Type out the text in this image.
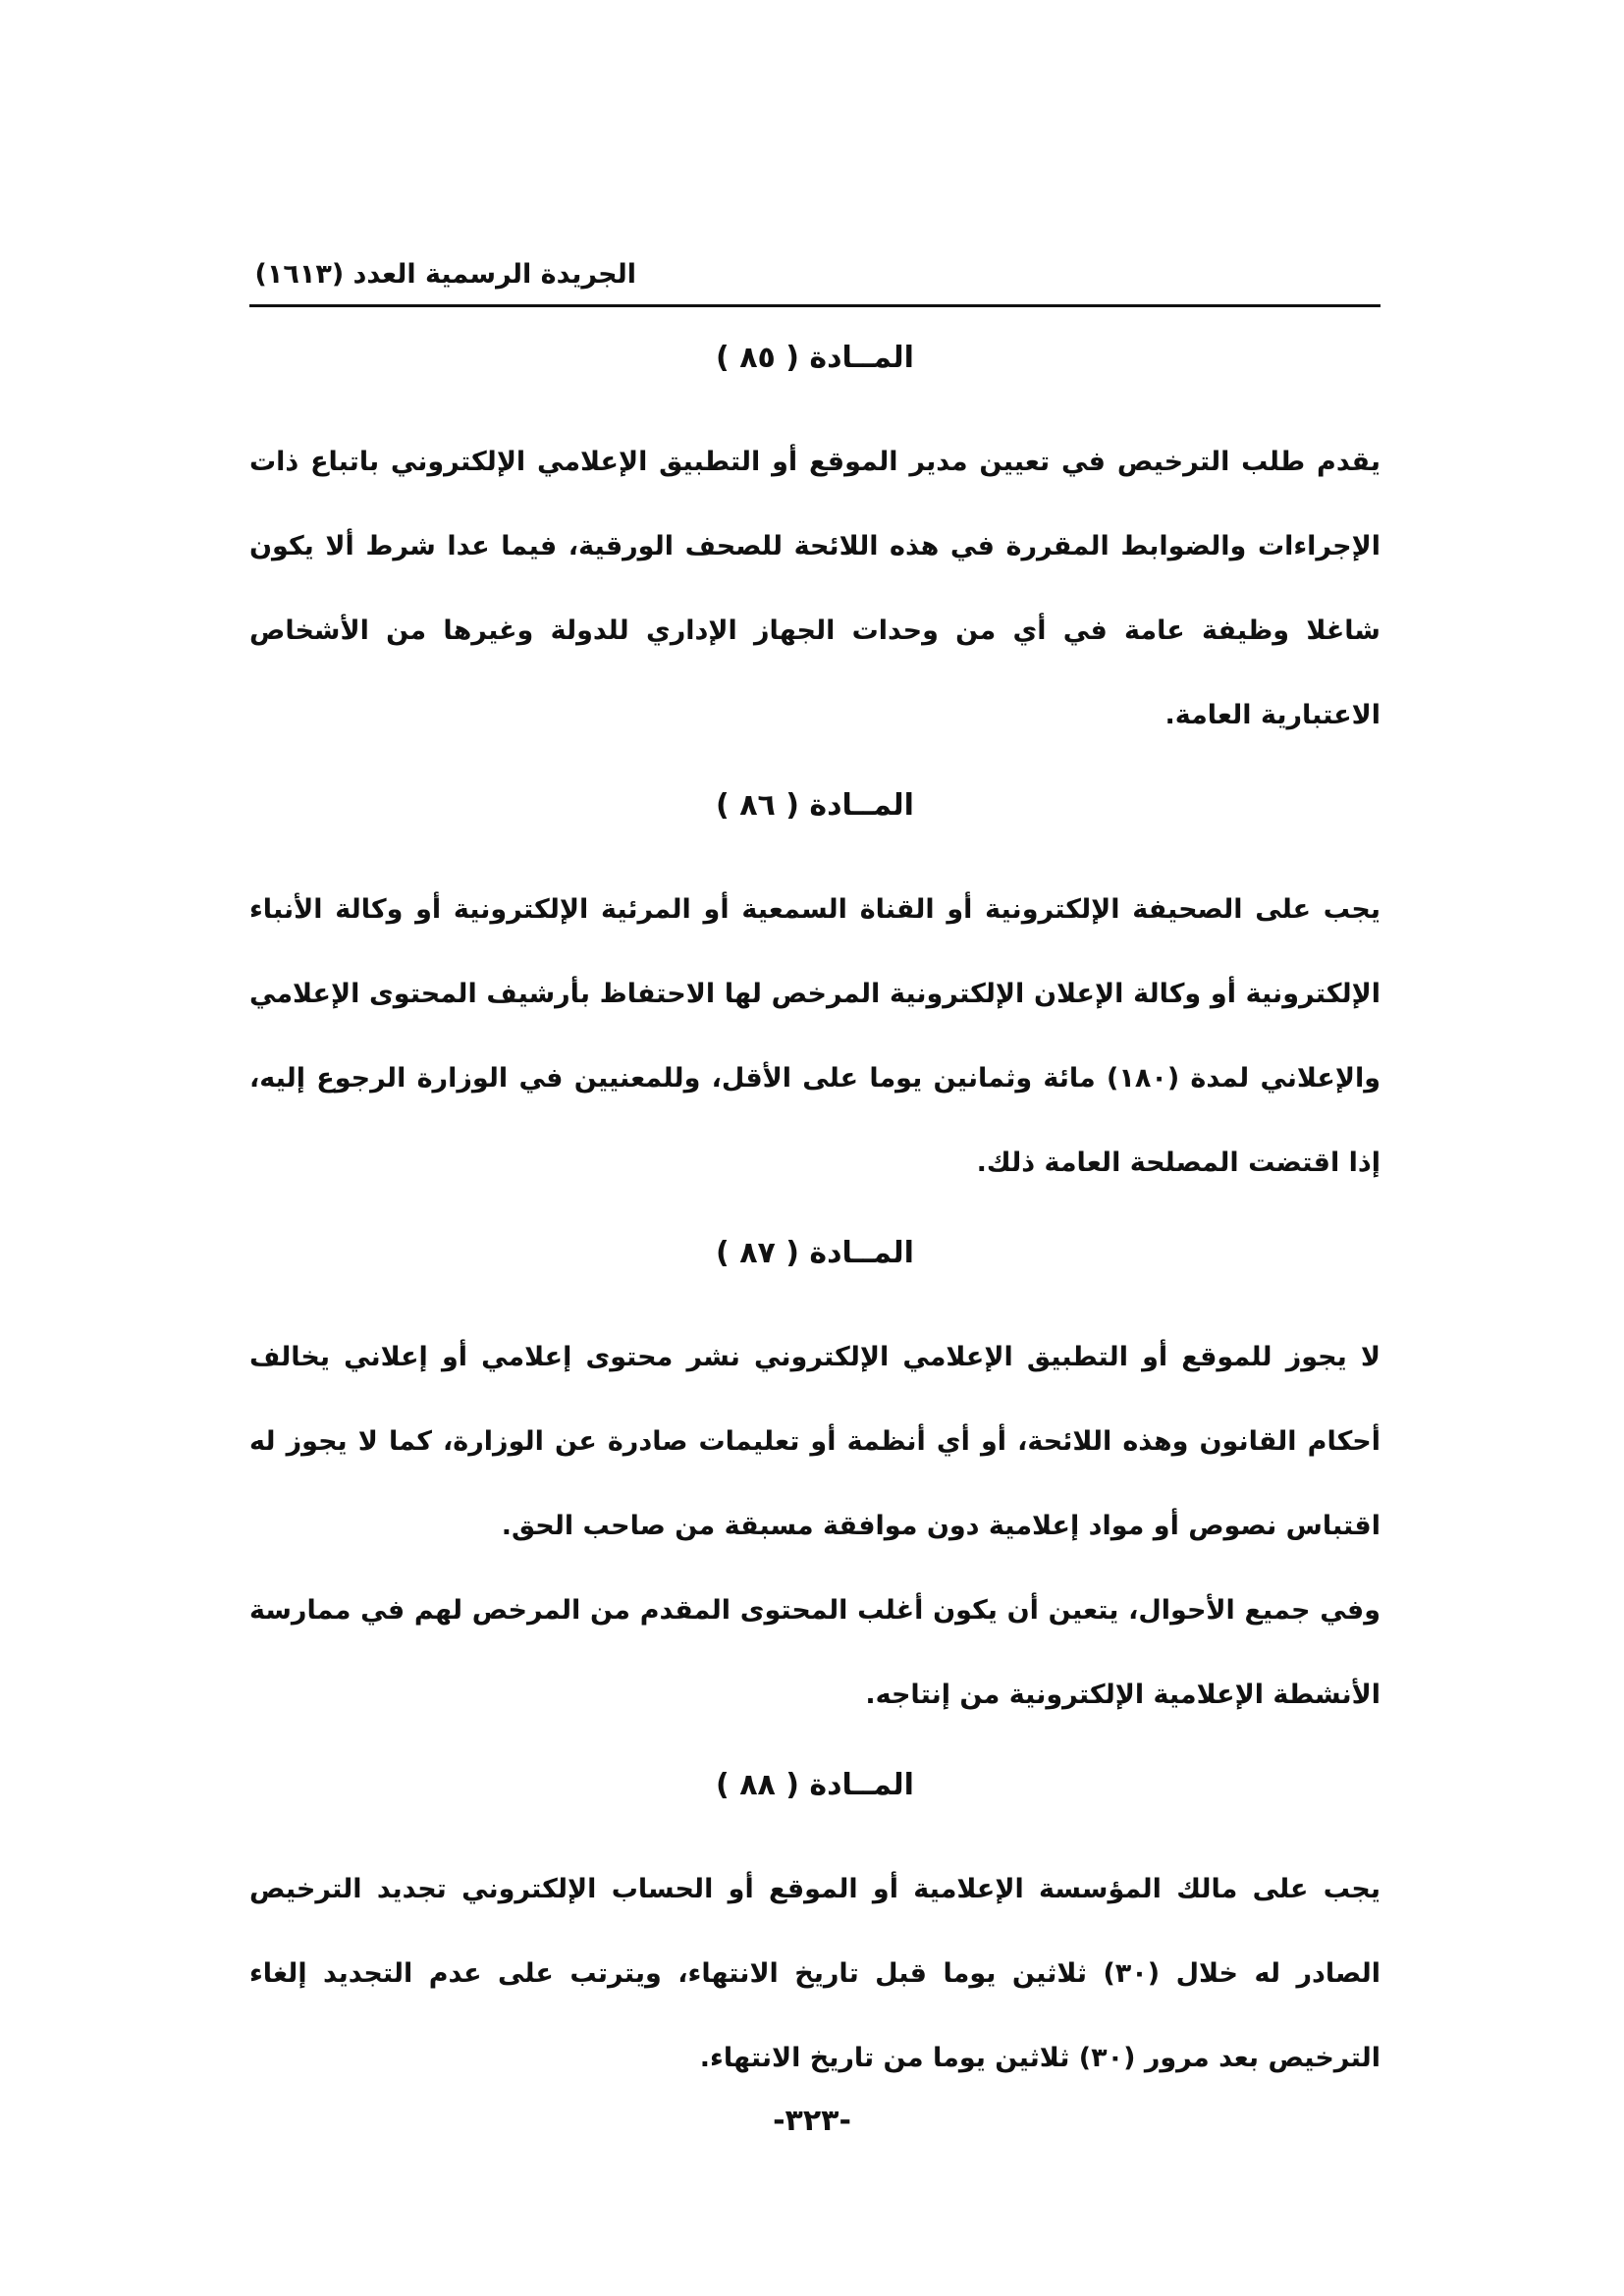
الجريدة الرسمية العدد (١٦١٣)
المــادة ( ٨٥ )

يقدم طلب الترخيص في تعيين مدير الموقع أو التطبيق الإعلامي الإلكتروني باتباع ذات الإجراءات والضوابط المقررة في هذه اللائحة للصحف الورقية، فيما عدا شرط ألا يكون شاغلا وظيفة عامة في أي من وحدات الجهاز الإداري للدولة وغيرها من الأشخاص الاعتبارية العامة.

المــادة ( ٨٦ )

يجب على الصحيفة الإلكترونية أو القناة السمعية أو المرئية الإلكترونية أو وكالة الأنباء الإلكترونية أو وكالة الإعلان الإلكترونية المرخص لها الاحتفاظ بأرشيف المحتوى الإعلامي والإعلاني لمدة (١٨٠) مائة وثمانين يوما على الأقل، وللمعنيين في الوزارة الرجوع إليه، إذا اقتضت المصلحة العامة ذلك.

المــادة ( ٨٧ )

لا يجوز للموقع أو التطبيق الإعلامي الإلكتروني نشر محتوى إعلامي أو إعلاني يخالف أحكام القانون وهذه اللائحة، أو أي أنظمة أو تعليمات صادرة عن الوزارة، كما لا يجوز له اقتباس نصوص أو مواد إعلامية دون موافقة مسبقة من صاحب الحق.

وفي جميع الأحوال، يتعين أن يكون أغلب المحتوى المقدم من المرخص لهم في ممارسة الأنشطة الإعلامية الإلكترونية من إنتاجه.

المــادة ( ٨٨ )

يجب على مالك المؤسسة الإعلامية أو الموقع أو الحساب الإلكتروني تجديد الترخيص الصادر له خلال (٣٠) ثلاثين يوما قبل تاريخ الانتهاء، ويترتب على عدم التجديد إلغاء الترخيص بعد مرور (٣٠) ثلاثين يوما من تاريخ الانتهاء.

-٣٢٣-
